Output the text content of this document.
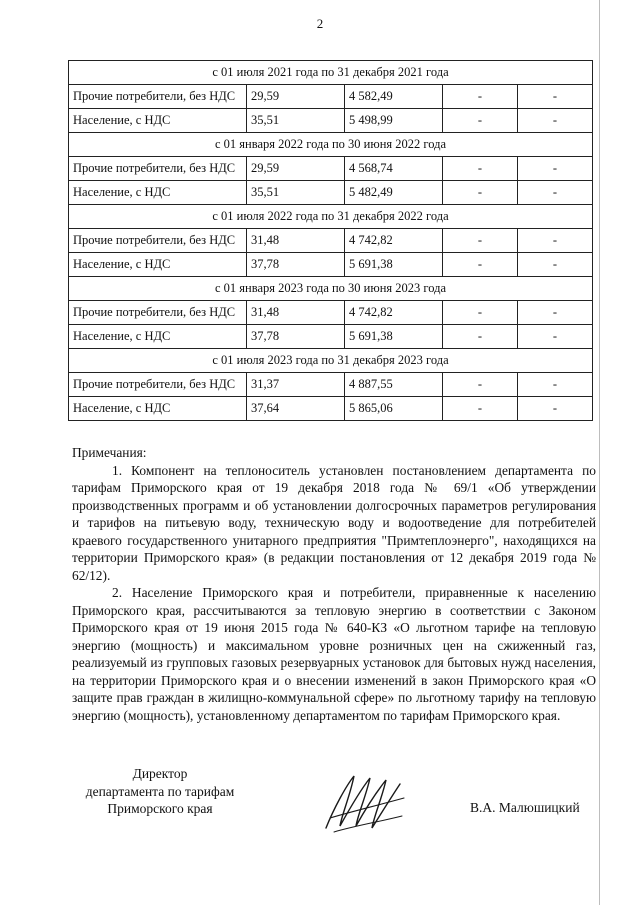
2
с 01 июля 2021 года по 31 декабря 2021 года				
Прочие потребители, без НДС	29,59	4 582,49	-	-
Население, с НДС	35,51	5 498,99	-	-
с 01 января 2022 года по 30 июня 2022 года				
Прочие потребители, без НДС	29,59	4 568,74	-	-
Население, с НДС	35,51	5 482,49	-	-
с 01 июля 2022 года по 31 декабря 2022 года				
Прочие потребители, без НДС	31,48	4 742,82	-	-
Население, с НДС	37,78	5 691,38	-	-
с 01 января 2023 года по 30 июня 2023 года				
Прочие потребители, без НДС	31,48	4 742,82	-	-
Население, с НДС	37,78	5 691,38	-	-
с 01 июля 2023 года по 31 декабря 2023 года				
Прочие потребители, без НДС	31,37	4 887,55	-	-
Население, с НДС	37,64	5 865,06	-	-

Примечания:

1. Компонент на теплоноситель установлен постановлением департамента по тарифам Приморского края от 19 декабря 2018 года № 69/1 «Об утверждении производственных программ и об установлении долгосрочных параметров регулирования и тарифов на питьевую воду, техническую воду и водоотведение для потребителей краевого государственного унитарного предприятия "Примтеплоэнерго", находящихся на территории Приморского края» (в редакции постановления от 12 декабря 2019 года № 62/12).

2. Население Приморского края и потребители, приравненные к населению Приморского края, рассчитываются за тепловую энергию в соответствии с Законом Приморского края от 19 июня 2015 года № 640-КЗ «О льготном тарифе на тепловую энергию (мощность) и максимальном уровне розничных цен на сжиженный газ, реализуемый из групповых газовых резервуарных установок для бытовых нужд населения, на территории Приморского края и о внесении изменений в закон Приморского края «О защите прав граждан в жилищно-коммунальной сфере» по льготному тарифу на тепловую энергию (мощность), установленному департаментом по тарифам Приморского края.

Директор
департамента по тарифам
Приморского края	В.А. Малюшицкий
